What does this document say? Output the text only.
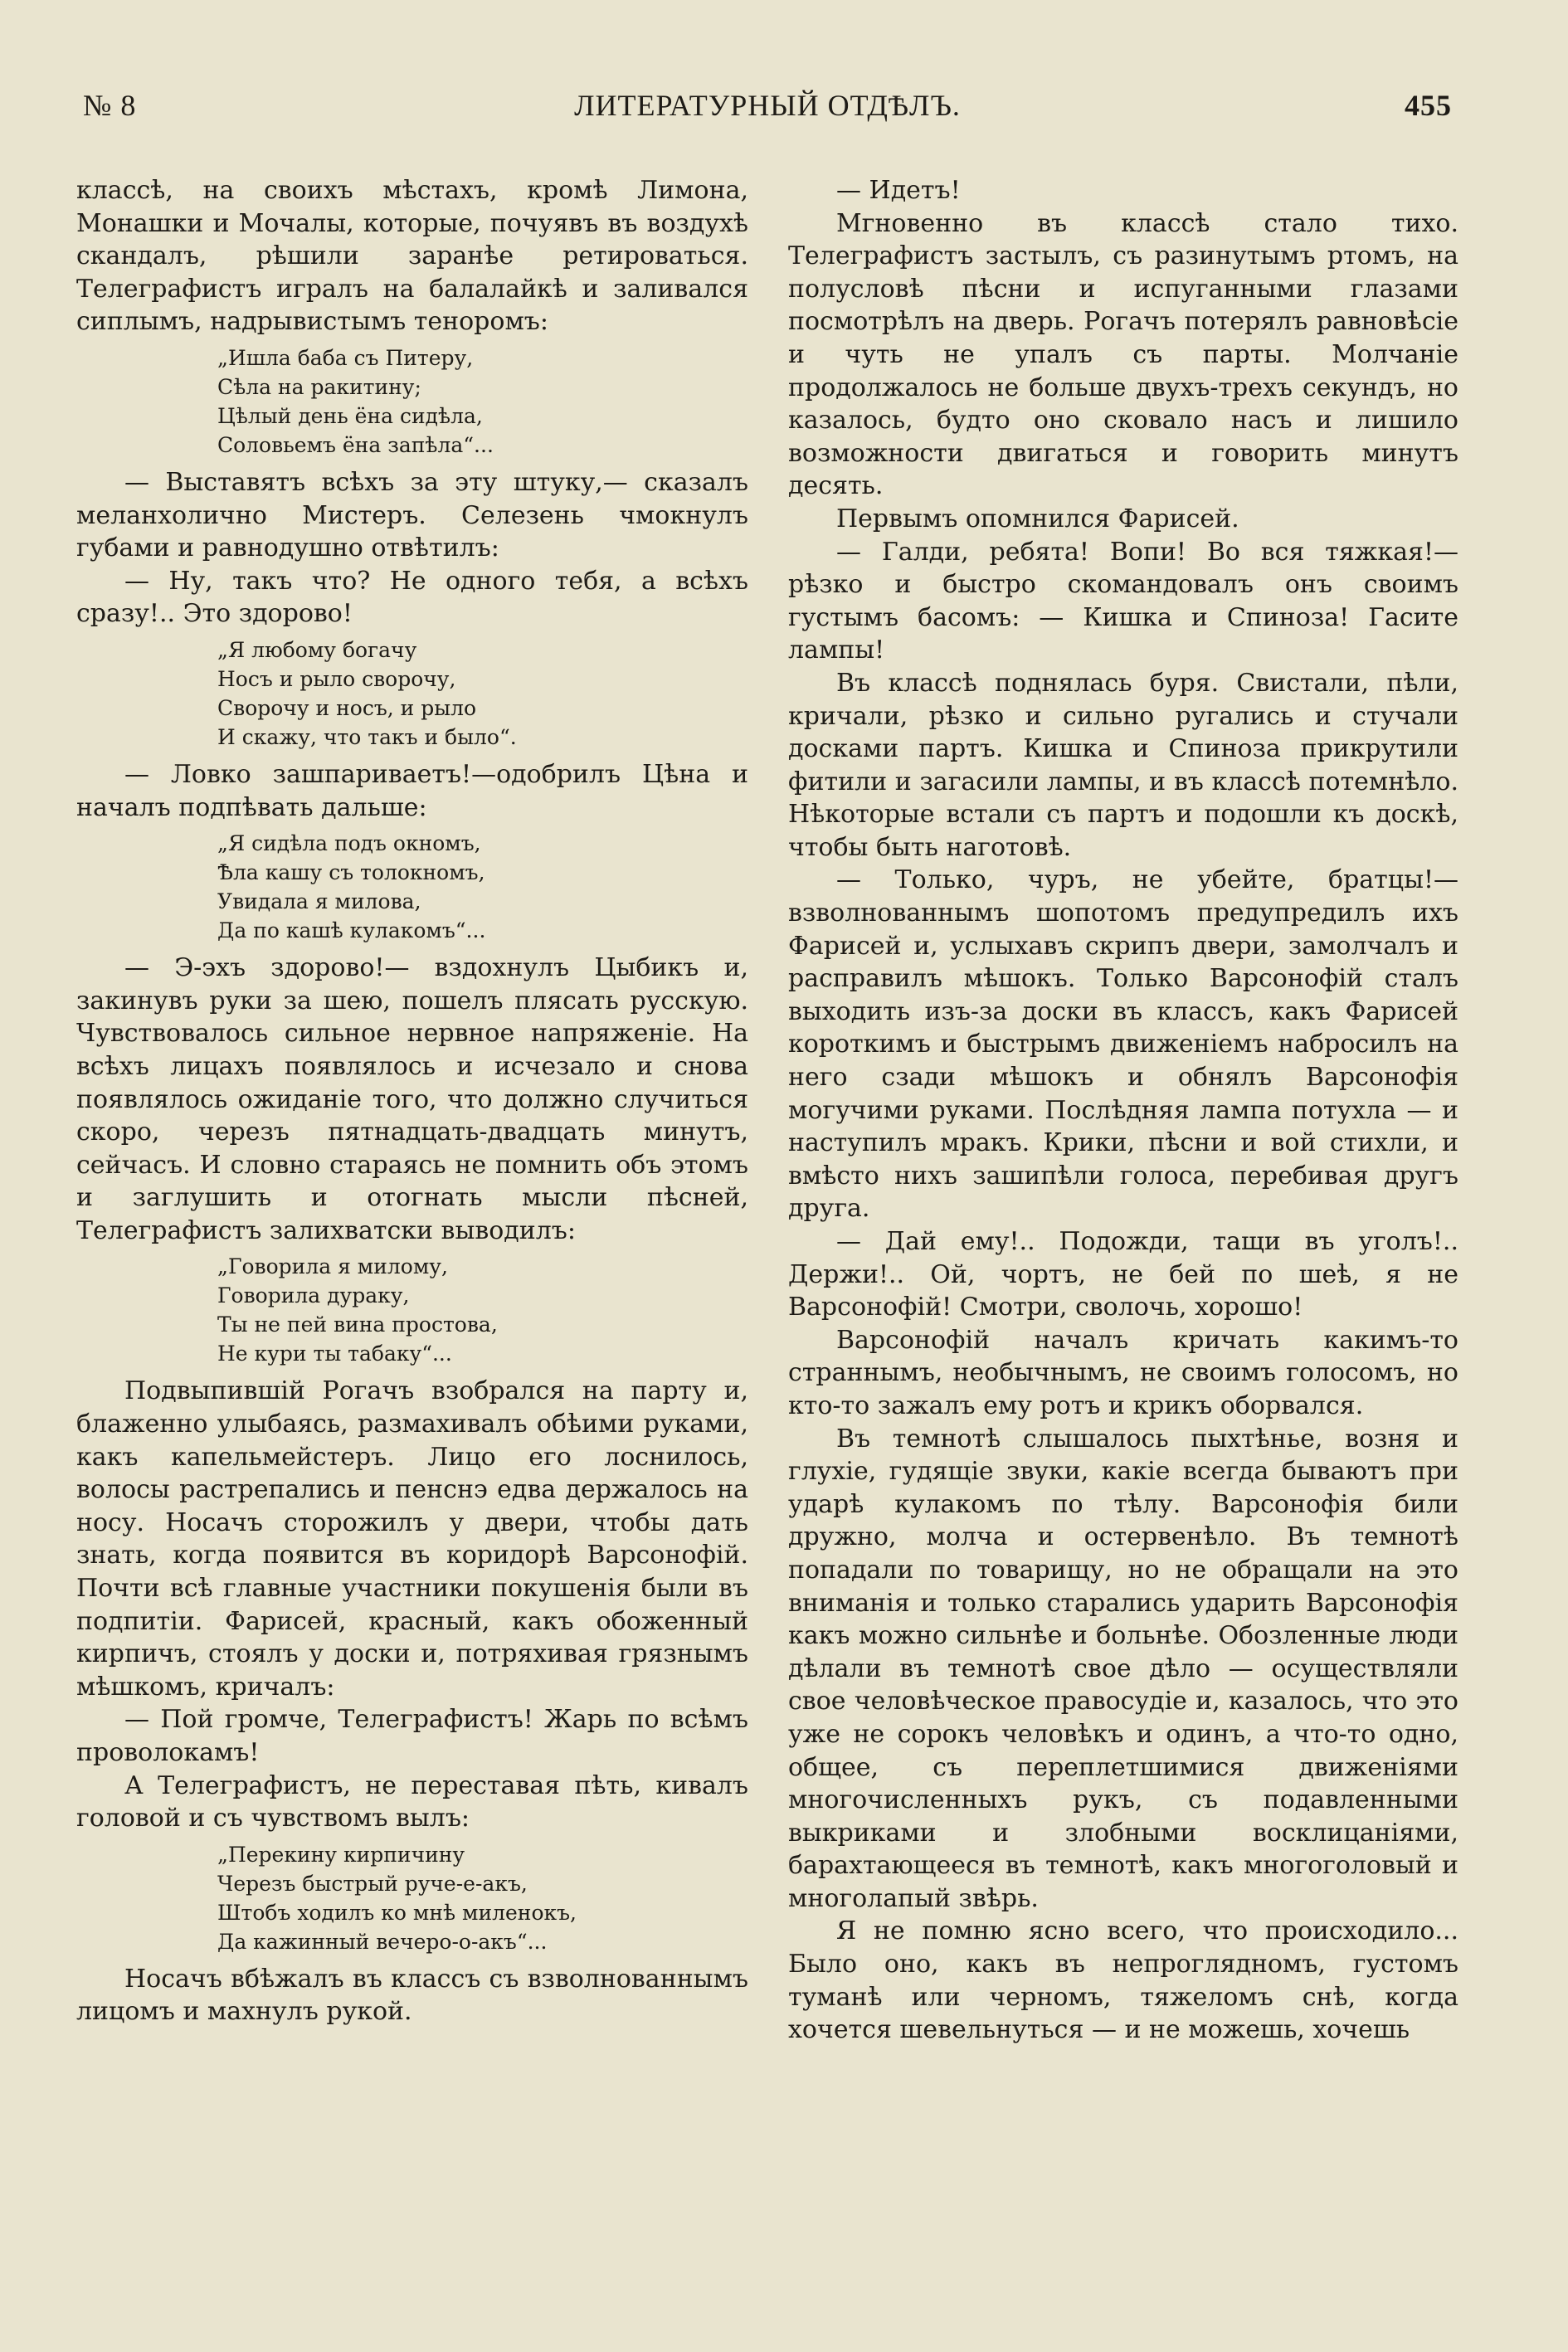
№ 8	ЛИТЕРАТУРНЫЙ ОТДѢЛЪ.	455

классѣ, на своихъ мѣстахъ, кромѣ Лимона, Монашки и Мочалы, которые, почуявъ въ воздухѣ скандалъ, рѣшили заранѣе ретироваться. Телеграфистъ игралъ на балалайкѣ и заливался сиплымъ, надрывистымъ теноромъ:

„Ишла баба съ Питеру,
Сѣла на ракитину;
Цѣлый день ёна сидѣла,
Соловьемъ ёна запѣла“...

— Выставятъ всѣхъ за эту штуку,— сказалъ меланхолично Мистеръ. Селезень чмокнулъ губами и равнодушно отвѣтилъ:

— Ну, такъ что? Не одного тебя, а всѣхъ сразу!.. Это здорово!

„Я любому богачу
Носъ и рыло сворочу,
Сворочу и носъ, и рыло
И скажу, что такъ и было“.

— Ловко зашпариваетъ!—одобрилъ Цѣна и началъ подпѣвать дальше:

„Я сидѣла подъ окномъ,
Ѣла кашу съ толокномъ,
Увидала я милова,
Да по кашѣ кулакомъ“...

— Э-эхъ здорово!— вздохнулъ Цыбикъ и, закинувъ руки за шею, пошелъ плясать русскую. Чувствовалось сильное нервное напряженіе. На всѣхъ лицахъ появлялось и исчезало и снова появлялось ожиданіе того, что должно случиться скоро, черезъ пятнадцать-двадцать минутъ, сейчасъ. И словно стараясь не помнить объ этомъ и заглушить и отогнать мысли пѣсней, Телеграфистъ залихватски выводилъ:

„Говорила я милому,
Говорила дураку,
Ты не пей вина простова,
Не кури ты табаку“...

Подвыпившій Рогачъ взобрался на парту и, блаженно улыбаясь, размахивалъ обѣими руками, какъ капельмейстеръ. Лицо его лоснилось, волосы растрепались и пенснэ едва держалось на носу. Носачъ сторожилъ у двери, чтобы дать знать, когда появится въ коридорѣ Варсонофій. Почти всѣ главные участники покушенія были въ подпитіи. Фарисей, красный, какъ обоженный кирпичъ, стоялъ у доски и, потряхивая грязнымъ мѣшкомъ, кричалъ:

— Пой громче, Телеграфистъ! Жарь по всѣмъ проволокамъ!

А Телеграфистъ, не переставая пѣть, кивалъ головой и съ чувствомъ вылъ:

„Перекину кирпичину
Черезъ быстрый руче-е-акъ,
Штобъ ходилъ ко мнѣ миленокъ,
Да кажинный вечеро-о-акъ“...

Носачъ вбѣжалъ въ классъ съ взволнованнымъ лицомъ и махнулъ рукой.

— Идетъ!

Мгновенно въ классѣ стало тихо. Телеграфистъ застылъ, съ разинутымъ ртомъ, на полусловѣ пѣсни и испуганными глазами посмотрѣлъ на дверь. Рогачъ потерялъ равновѣсіе и чуть не упалъ съ парты. Молчаніе продолжалось не больше двухъ-трехъ секундъ, но казалось, будто оно сковало насъ и лишило возможности двигаться и говорить минутъ десять.

Первымъ опомнился Фарисей.

— Галди, ребята! Вопи! Во вся тяжкая!— рѣзко и быстро скомандовалъ онъ своимъ густымъ басомъ: — Кишка и Спиноза! Гасите лампы!

Въ классѣ поднялась буря. Свистали, пѣли, кричали, рѣзко и сильно ругались и стучали досками партъ. Кишка и Спиноза прикрутили фитили и загасили лампы, и въ классѣ потемнѣло. Нѣкоторые встали съ партъ и подошли къ доскѣ, чтобы быть наготовѣ.

— Только, чуръ, не убейте, братцы!— взволнованнымъ шопотомъ предупредилъ ихъ Фарисей и, услыхавъ скрипъ двери, замолчалъ и расправилъ мѣшокъ. Только Варсонофій сталъ выходить изъ-за доски въ классъ, какъ Фарисей короткимъ и быстрымъ движеніемъ набросилъ на него сзади мѣшокъ и обнялъ Варсонофія могучими руками. Послѣдняя лампа потухла — и наступилъ мракъ. Крики, пѣсни и вой стихли, и вмѣсто нихъ зашипѣли голоса, перебивая другъ друга.

— Дай ему!.. Подожди, тащи въ уголъ!.. Держи!.. Ой, чортъ, не бей по шеѣ, я не Варсонофій! Смотри, сволочь, хорошо!

Варсонофій началъ кричать какимъ-то страннымъ, необычнымъ, не своимъ голосомъ, но кто-то зажалъ ему ротъ и крикъ оборвался.

Въ темнотѣ слышалось пыхтѣнье, возня и глухіе, гудящіе звуки, какіе всегда бываютъ при ударѣ кулакомъ по тѣлу. Варсонофія били дружно, молча и остервенѣло. Въ темнотѣ попадали по товарищу, но не обращали на это вниманія и только старались ударить Варсонофія какъ можно сильнѣе и больнѣе. Обозленные люди дѣлали въ темнотѣ свое дѣло — осуществляли свое человѣческое правосудіе и, казалось, что это уже не сорокъ человѣкъ и одинъ, а что-то одно, общее, съ переплетшимися движеніями многочисленныхъ рукъ, съ подавленными выкриками и злобными восклицаніями, барахтающееся въ темнотѣ, какъ многоголовый и многолапый звѣрь.

Я не помню ясно всего, что происходило... Было оно, какъ въ непроглядномъ, густомъ туманѣ или черномъ, тяжеломъ снѣ, когда хочется шевельнуться — и не можешь, хочешь
